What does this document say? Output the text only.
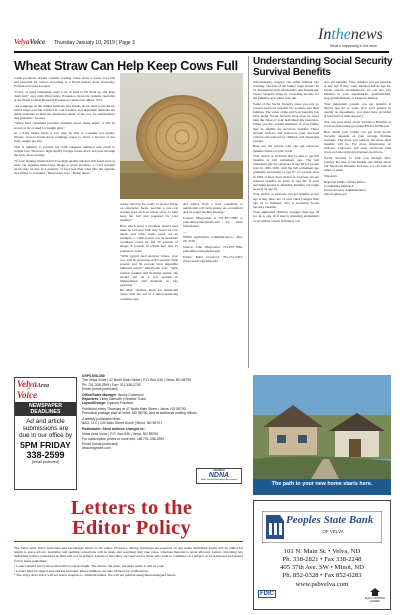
VelyaVoice Thursday January 10, 2019 | Page 3	Inthenews
What's happening in the area
Wheat Straw Can Help Keep Cows Full

Cattle producers should consider feeding wheat straw to keep cows full and prepared for winter, according to a North Dakota State University Extension livestock expert.

"Cows, or large ruminants, need a lot of feed to fill them up and keep them full," says John Dhuyvetter, Extension livestock systems specialist at the North Central Research Extension Center near Minot, N.D.

"As roughage in the rumen ferments and breaks down, heat is produced, which helps provide comfort in cold weather, and digestible nutrients are made available to meet the nutritional needs of the cow for maintenance and gestation," he says.

"When feed consumed provides nutrients above these needs, it will be stored as fat or used for weight gain."

At a daily intake basis, a cow may be able to consume low-quality fibrous, slow-to-break-down roughage equal to about 2 percent of her body weight per day.

That is unlikely to provide her with adequate nutrition and result in weight loss. However, high-quality forages break down and pass through the body more quickly.

"If your feeding situation involves high-quality nutrient-rich feeds such as early cut legumes mixed hay, silage or grain products, a cow's nutrient needs may be met in a quantity of feed less than what fills the appetite and ability to consume," Dhuyvetter says. "Being unnec-

essary and way too costly to fee her fill up on expensive feeds, provide a low-cost residue feed such as wheat straw to help keep her full and prepared for cold weather."

How much straw a producer should feed must be factored with very based on cow needs and other feeds used. As an example, a 1,400-pound cow in moderate condition could be fed 30 pounds of silage, 8 pounds of alfalfa hay and 15 pounds of straw.

"With typical feed analysis values, your cow will be receiving an 8.5 percent crude protein and 56 percent total digestible nutrients ration," Dhuyvetter says. "With normal weather and maximal nature, she should put on a few pounds in midgestation and maintain in late gestation."

He adds: "Testing feeds for nutritional value with the aid of a ration-balancing computer app

and advice from a feed consultant or nutritionist will help ensure an economical and on-target feeding strategy."

Contact Dhuyvetter at 701-857-7682 or john.dhuyvetter@ndsu.edu for more information.

---

NDSU Agriculture Communication - Dec. 26, 2018

Source: John Dhuyvetter, 701-857-7682, john.dhuyvetter@ndsu.edu

Editor: Ellen Crawford, 701-231-5391, ellen.crawford@ndsu.edu

Understanding Social Security
Survival Benefits

Unfortunately, tragedy can strike without any warning. The loss of the family wage earner can be devastating both emotionally and financially. Social Security helps by providing income for the families of workers who die.

Some of the Social Security taxes you pay go toward survivors benefits for workers and their families. The value of the survivors benefits you have under Social Security may even be more than the value of your individual life insurance. When you die, certain members of your family may be eligible for survivors benefits. These include widows and widowers (and divorced widows and widowers), children, and dependent parents.

Here are the people who can get survivors benefits based on your work:

Your widow or widower may be able to get full benefits at full retirement age. The full retirement age for survivors is age 66 for people born in 1945-1956, with the full retirement age gradually increasing to age 67 for people born in 1962 or later. Your widow or widower can get reduced benefits as early as age 60. If your surviving spouse is disabled, benefits can begin as early as age 50.

Your widow or widower can get benefits at any age if they take care of your child younger than age 16 or disabled, who is receiving Social Security benefits.

Your unmarried children, younger than age 18 (or up to age 19 if they're attending elementary or secondary school full time), can

also get benefits. Your children can get benefits at any age if they were disabled before age 22. Under certain circumstances, we can also pay benefits to your stepchildren, grandchildren, step-grandchildren, or adopted children.

Your dependent parents can get benefits if they're age 62 or older. (For your parents to qualify as dependents, you must have provided at least half of their support.)

You can read more about Survivors Benefits at www.socialsecurity.gov/pubs/EN-05-10084.pdf.

How much your family can get from Social Security depends on your average lifetime earnings. The more you earned, the more their benefits will be. For more information on widows, widowers, and other survivors, visit www.socialsecurity.gov/planners/survivors.

Social Security is with you through life's journey. Be sure to tell friends and family about our Survivors Benefits and how we can help in times of need.

Sincerely,

Regional Public Affairs Office
Community Outreach
Social Security Administration
deb.orc@ssa.gov
USPS 658-350
The Velya Voice | 47 North Main Street | P.O. Box 636 | Velva, ND 58790
Ph: 701-338-2599 | Fax: 701-338-2755
Email: [email protected]
Office/Sales Manager: Becky Culverson
Reporters: Libby Dannath | Heather Tudor
Layout/Design: Dyanna Frantson
Published every Thursday at 47 North Main Street • Velva, ND 58790
Periodical postage paid at Velva, ND 58790, and at additional mailing offices.
A weekly publication from:
BAG, LLC | 109 Main Street South | Minot, ND 58701
Postmaster: Send address changes to:
Velva Area Voice | P.O. Box 636 | Velva, ND 58790
For subscription prices or more info, call 701-338-2599
Email: [email protected]
www.bagmore.com
MEMBER
NDNA
North Dakota Newspaper Association
VelyaArea
Voice
NEWSPAPER DEADLINES
Ad and article submissions are due in our office by
5PM FRIDAY
338-2599
[email protected]
The path to your new home starts here.
Letters to the
Editor Policy

The Velya Area Voice welcomes and encourages letters to the editor. However, editing privileges are reserved on any items submitted. Items will be edited for length to space allows. Grammar and spelling corrections will be made and rewriting may take place. Libelous material is never allowed. Letters criticizing any individual will be considered as libel will not be printed. Letters to the editor are reserved for those who want to comment on a subject of local interest and should follow these guidelines:

• Letters should not be more than 200 words in length. The shorter the letter, the more likely it will be read.

• Letters must be signed and address included. Phone numbers are also advised for verifications.

• The Velya Area Voice will not honor requests to withhold names. We will not publish anonymous/unsigned letters.

Peoples State Bank
OF VELVA
101 N. Main St. • Velva, ND
Ph. 338-2821 • Fax 338-2248
405 37th Ave. SW • Minot, ND
Ph. 852-0328 • Fax 852-0283
www.psbvelva.com
FDIC
EQUAL HOUSING LENDER
